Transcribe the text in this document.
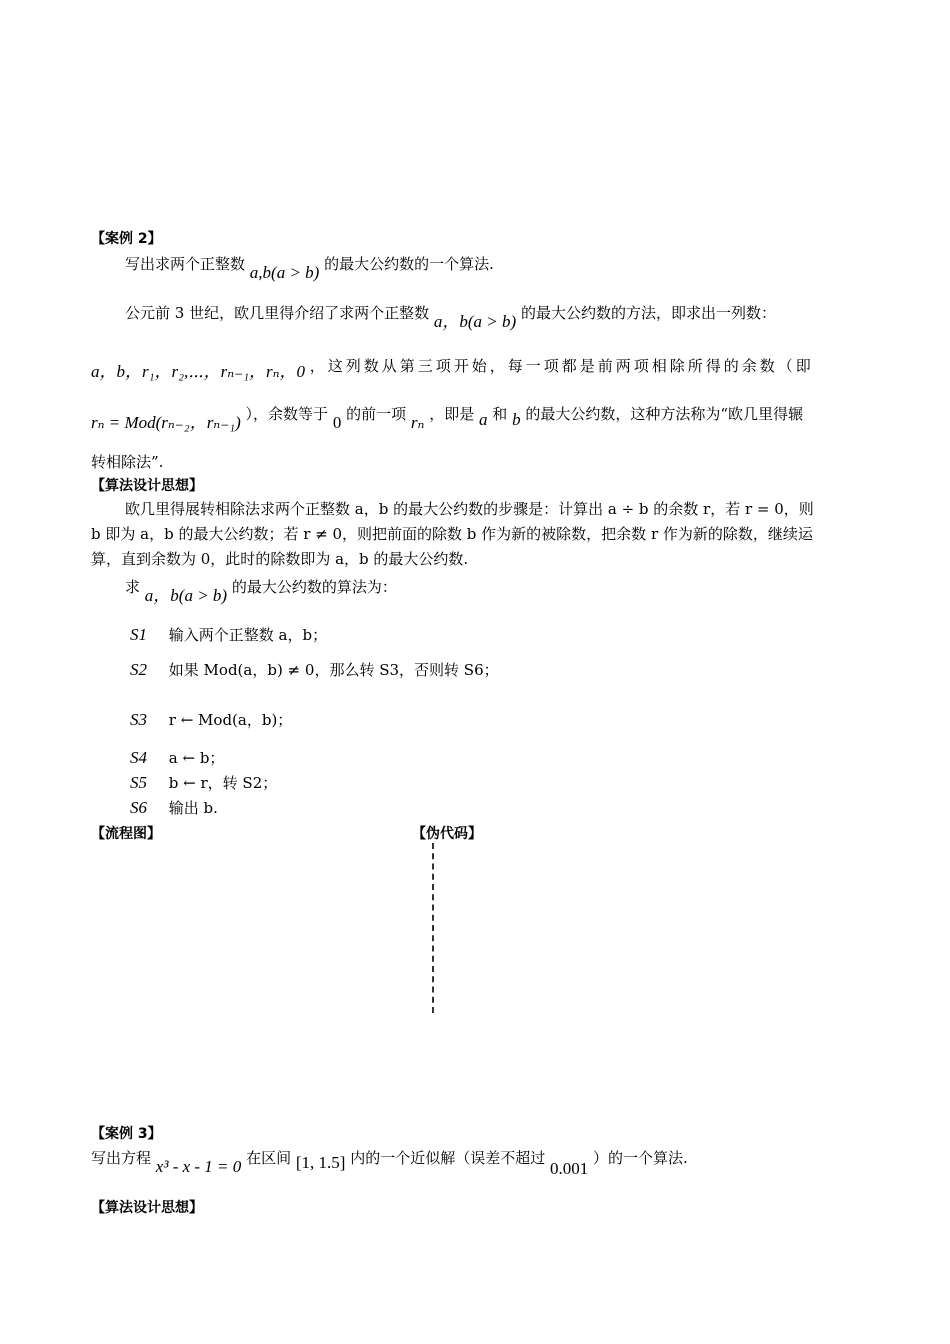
【案例 2】
写出求两个正整数 a,b(a > b) 的最大公约数的一个算法.
公元前 3 世纪，欧几里得介绍了求两个正整数 a，b(a > b) 的最大公约数的方法，即求出一列数：
a，b，r₁，r₂,⋯，rₙ₋₁，rₙ，0 ，这列数从第三项开始，每一项都是前两项相除所得的余数（即
rₙ = Mod(rₙ₋₂，rₙ₋₁) ），余数等于 0 的前一项 rₙ ，即是 a 和 b 的最大公约数，这种方法称为“欧几里得辗
转相除法”.
【算法设计思想】
欧几里得展转相除法求两个正整数 a，b 的最大公约数的步骤是：计算出 a ÷ b 的余数 r，若 r = 0，则
b 即为 a，b 的最大公约数；若 r ≠ 0，则把前面的除数 b 作为新的被除数，把余数 r 作为新的除数，继续运
算，直到余数为 0，此时的除数即为 a，b 的最大公约数.
求 a，b(a > b) 的最大公约数的算法为：
S1 输入两个正整数 a，b；
S2 如果 Mod(a，b) ≠ 0，那么转 S3，否则转 S6；
S3 r ← Mod(a，b)；
S4 a ← b；
S5 b ← r，转 S2；
S6 输出 b.
【流程图】	【伪代码】
【案例 3】
写出方程 x³ - x - 1 = 0 在区间 [1, 1.5] 内的一个近似解（误差不超过 0.001 ）的一个算法.
【算法设计思想】
